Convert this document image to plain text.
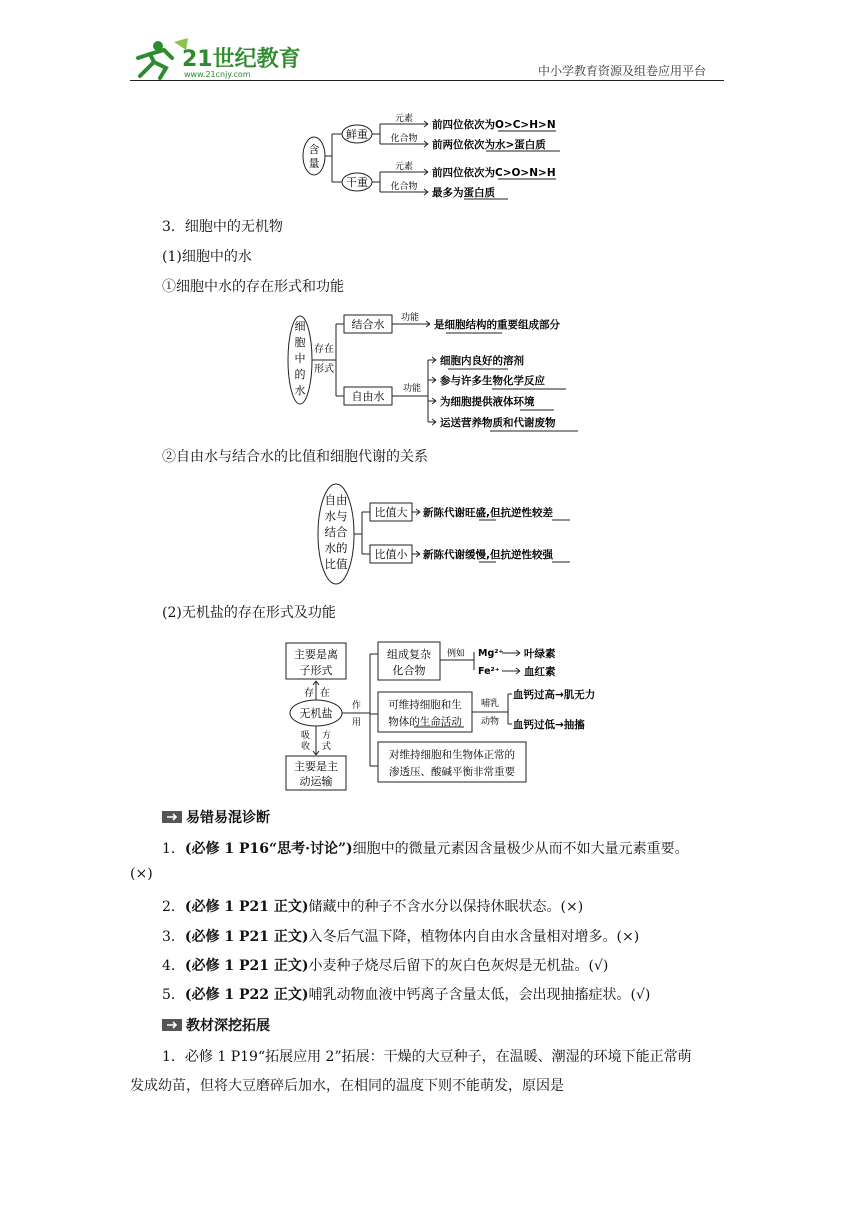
21世纪教育
www.21cnjy.com	中小学教育资源及组卷应用平台
含
量
鲜重
干重
元素
化合物
元素
化合物
前四位依次为O>C>H>N
前两位依次为水>蛋白质
前四位依次为C>O>N>H
最多为蛋白质
3．细胞中的无机物
(1)细胞中的水
①细胞中水的存在形式和功能
细
胞
中
的
水
存在
形式
结合水
自由水
功能
是细胞结构的重要组成部分
功能
细胞内良好的溶剂
参与许多生物化学反应
为细胞提供液体环境
运送营养物质和代谢废物
②自由水与结合水的比值和细胞代谢的关系
自由
水与
结合
水的
比值
比值大
比值小
新陈代谢旺盛,但抗逆性较差
新陈代谢缓慢,但抗逆性较强
(2)无机盐的存在形式及功能
主要是离
子形式
无机盐
存 在
吸
收
方
式
主要是主
动运输
作
用
组成复杂
化合物
例如 Mg²⁺
Fe²⁺
叶绿素
血红素
可维持细胞和生
物体的生命活动
哺乳
动物
血钙过高→肌无力
血钙过低→抽搐
对维持细胞和生物体正常的
渗透压、酸碱平衡非常重要
易错易混诊断
1．(必修 1 P16“思考·讨论”)细胞中的微量元素因含量极少从而不如大量元素重要。
(×)
2．(必修 1 P21 正文)储藏中的种子不含水分以保持休眠状态。(×)
3．(必修 1 P21 正文)入冬后气温下降，植物体内自由水含量相对增多。(×)
4．(必修 1 P21 正文)小麦种子烧尽后留下的灰白色灰烬是无机盐。(√)
5．(必修 1 P22 正文)哺乳动物血液中钙离子含量太低，会出现抽搐症状。(√)
教材深挖拓展
1．必修 1 P19“拓展应用 2”拓展：干燥的大豆种子，在温暖、潮湿的环境下能正常萌
发成幼苗，但将大豆磨碎后加水，在相同的温度下则不能萌发，原因是
